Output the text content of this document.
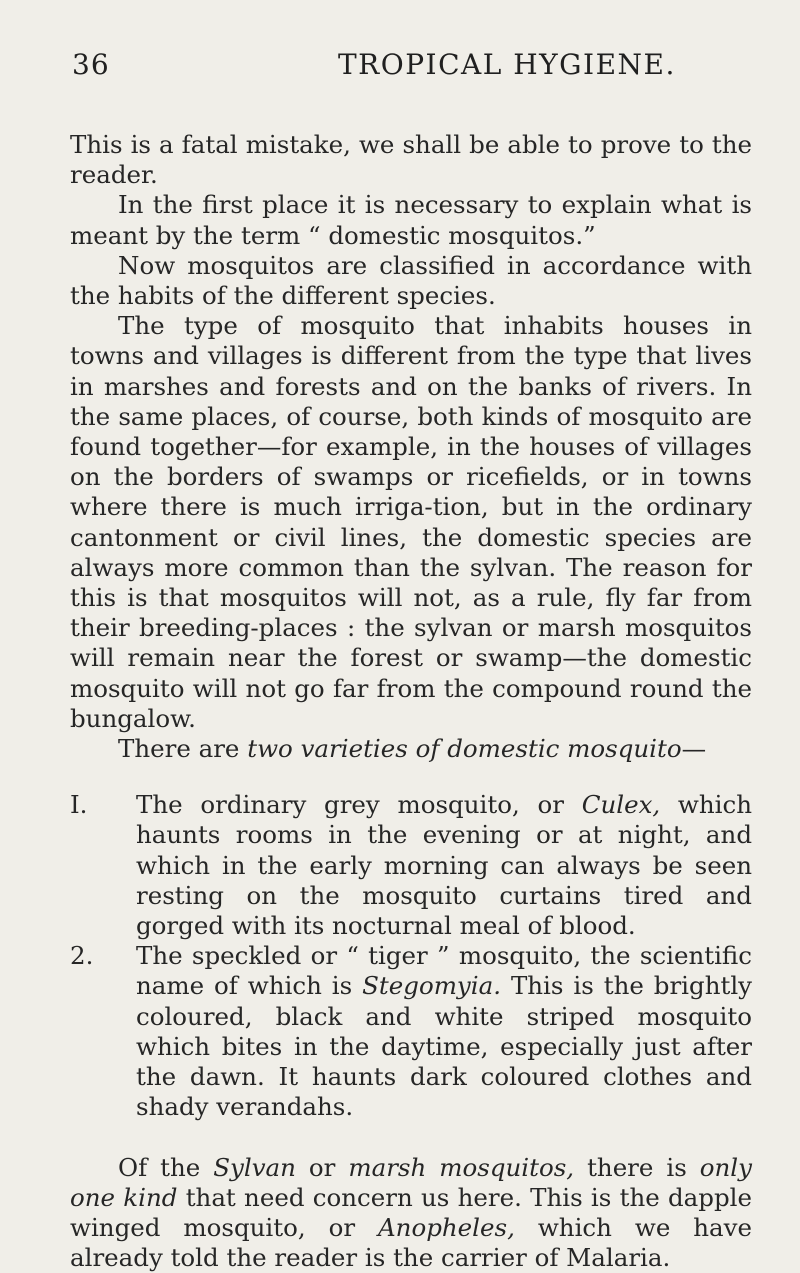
36	TROPICAL HYGIENE.

This is a fatal mistake, we shall be able to prove to the reader.

In the first place it is necessary to explain what is meant by the term “ domestic mosquitos.”

Now mosquitos are classified in accordance with the habits of the different species.

The type of mosquito that inhabits houses in towns and villages is different from the type that lives in marshes and forests and on the banks of rivers. In the same places, of course, both kinds of mosquito are found together—for example, in the houses of villages on the borders of swamps or ricefields, or in towns where there is much irriga-tion, but in the ordinary cantonment or civil lines, the domestic species are always more common than the sylvan. The reason for this is that mosquitos will not, as a rule, fly far from their breeding-places : the sylvan or marsh mosquitos will remain near the forest or swamp—the domestic mosquito will not go far from the compound round the bungalow.

There are two varieties of domestic mosquito—

I.	The ordinary grey mosquito, or Culex, which haunts rooms in the evening or at night, and which in the early morning can always be seen resting on the mosquito curtains tired and gorged with its nocturnal meal of blood.

2.	The speckled or “ tiger ” mosquito, the scientific name of which is Stegomyia. This is the brightly coloured, black and white striped mosquito which bites in the daytime, especially just after the dawn. It haunts dark coloured clothes and shady verandahs.

Of the Sylvan or marsh mosquitos, there is only one kind that need concern us here. This is the dapple winged mosquito, or Anopheles, which we have already told the reader is the carrier of Malaria.
